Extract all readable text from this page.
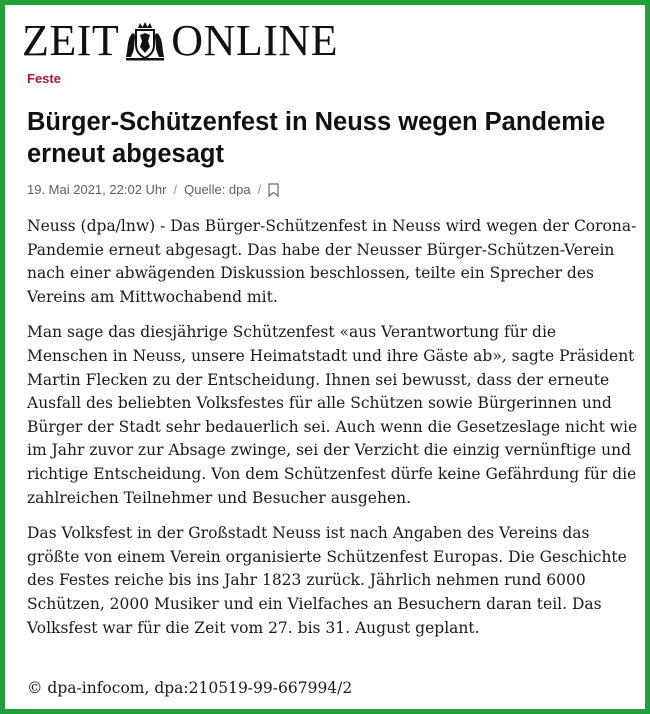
ZEIT ONLINE
Feste
Bürger-Schützenfest in Neuss wegen Pandemie erneut abgesagt
19. Mai 2021, 22:02 Uhr / Quelle: dpa /

Neuss (dpa/lnw) - Das Bürger-Schützenfest in Neuss wird wegen der Corona-Pandemie erneut abgesagt. Das habe der Neusser Bürger-Schützen-Verein nach einer abwägenden Diskussion beschlossen, teilte ein Sprecher des Vereins am Mittwochabend mit.

Man sage das diesjährige Schützenfest «aus Verantwortung für die Menschen in Neuss, unsere Heimatstadt und ihre Gäste ab», sagte Präsident Martin Flecken zu der Entscheidung. Ihnen sei bewusst, dass der erneute Ausfall des beliebten Volksfestes für alle Schützen sowie Bürgerinnen und Bürger der Stadt sehr bedauerlich sei. Auch wenn die Gesetzeslage nicht wie im Jahr zuvor zur Absage zwinge, sei der Verzicht die einzig vernünftige und richtige Entscheidung. Von dem Schützenfest dürfe keine Gefährdung für die zahlreichen Teilnehmer und Besucher ausgehen.

Das Volksfest in der Großstadt Neuss ist nach Angaben des Vereins das größte von einem Verein organisierte Schützenfest Europas. Die Geschichte des Festes reiche bis ins Jahr 1823 zurück. Jährlich nehmen rund 6000 Schützen, 2000 Musiker und ein Vielfaches an Besuchern daran teil. Das Volksfest war für die Zeit vom 27. bis 31. August geplant.

© dpa-infocom, dpa:210519-99-667994/2
